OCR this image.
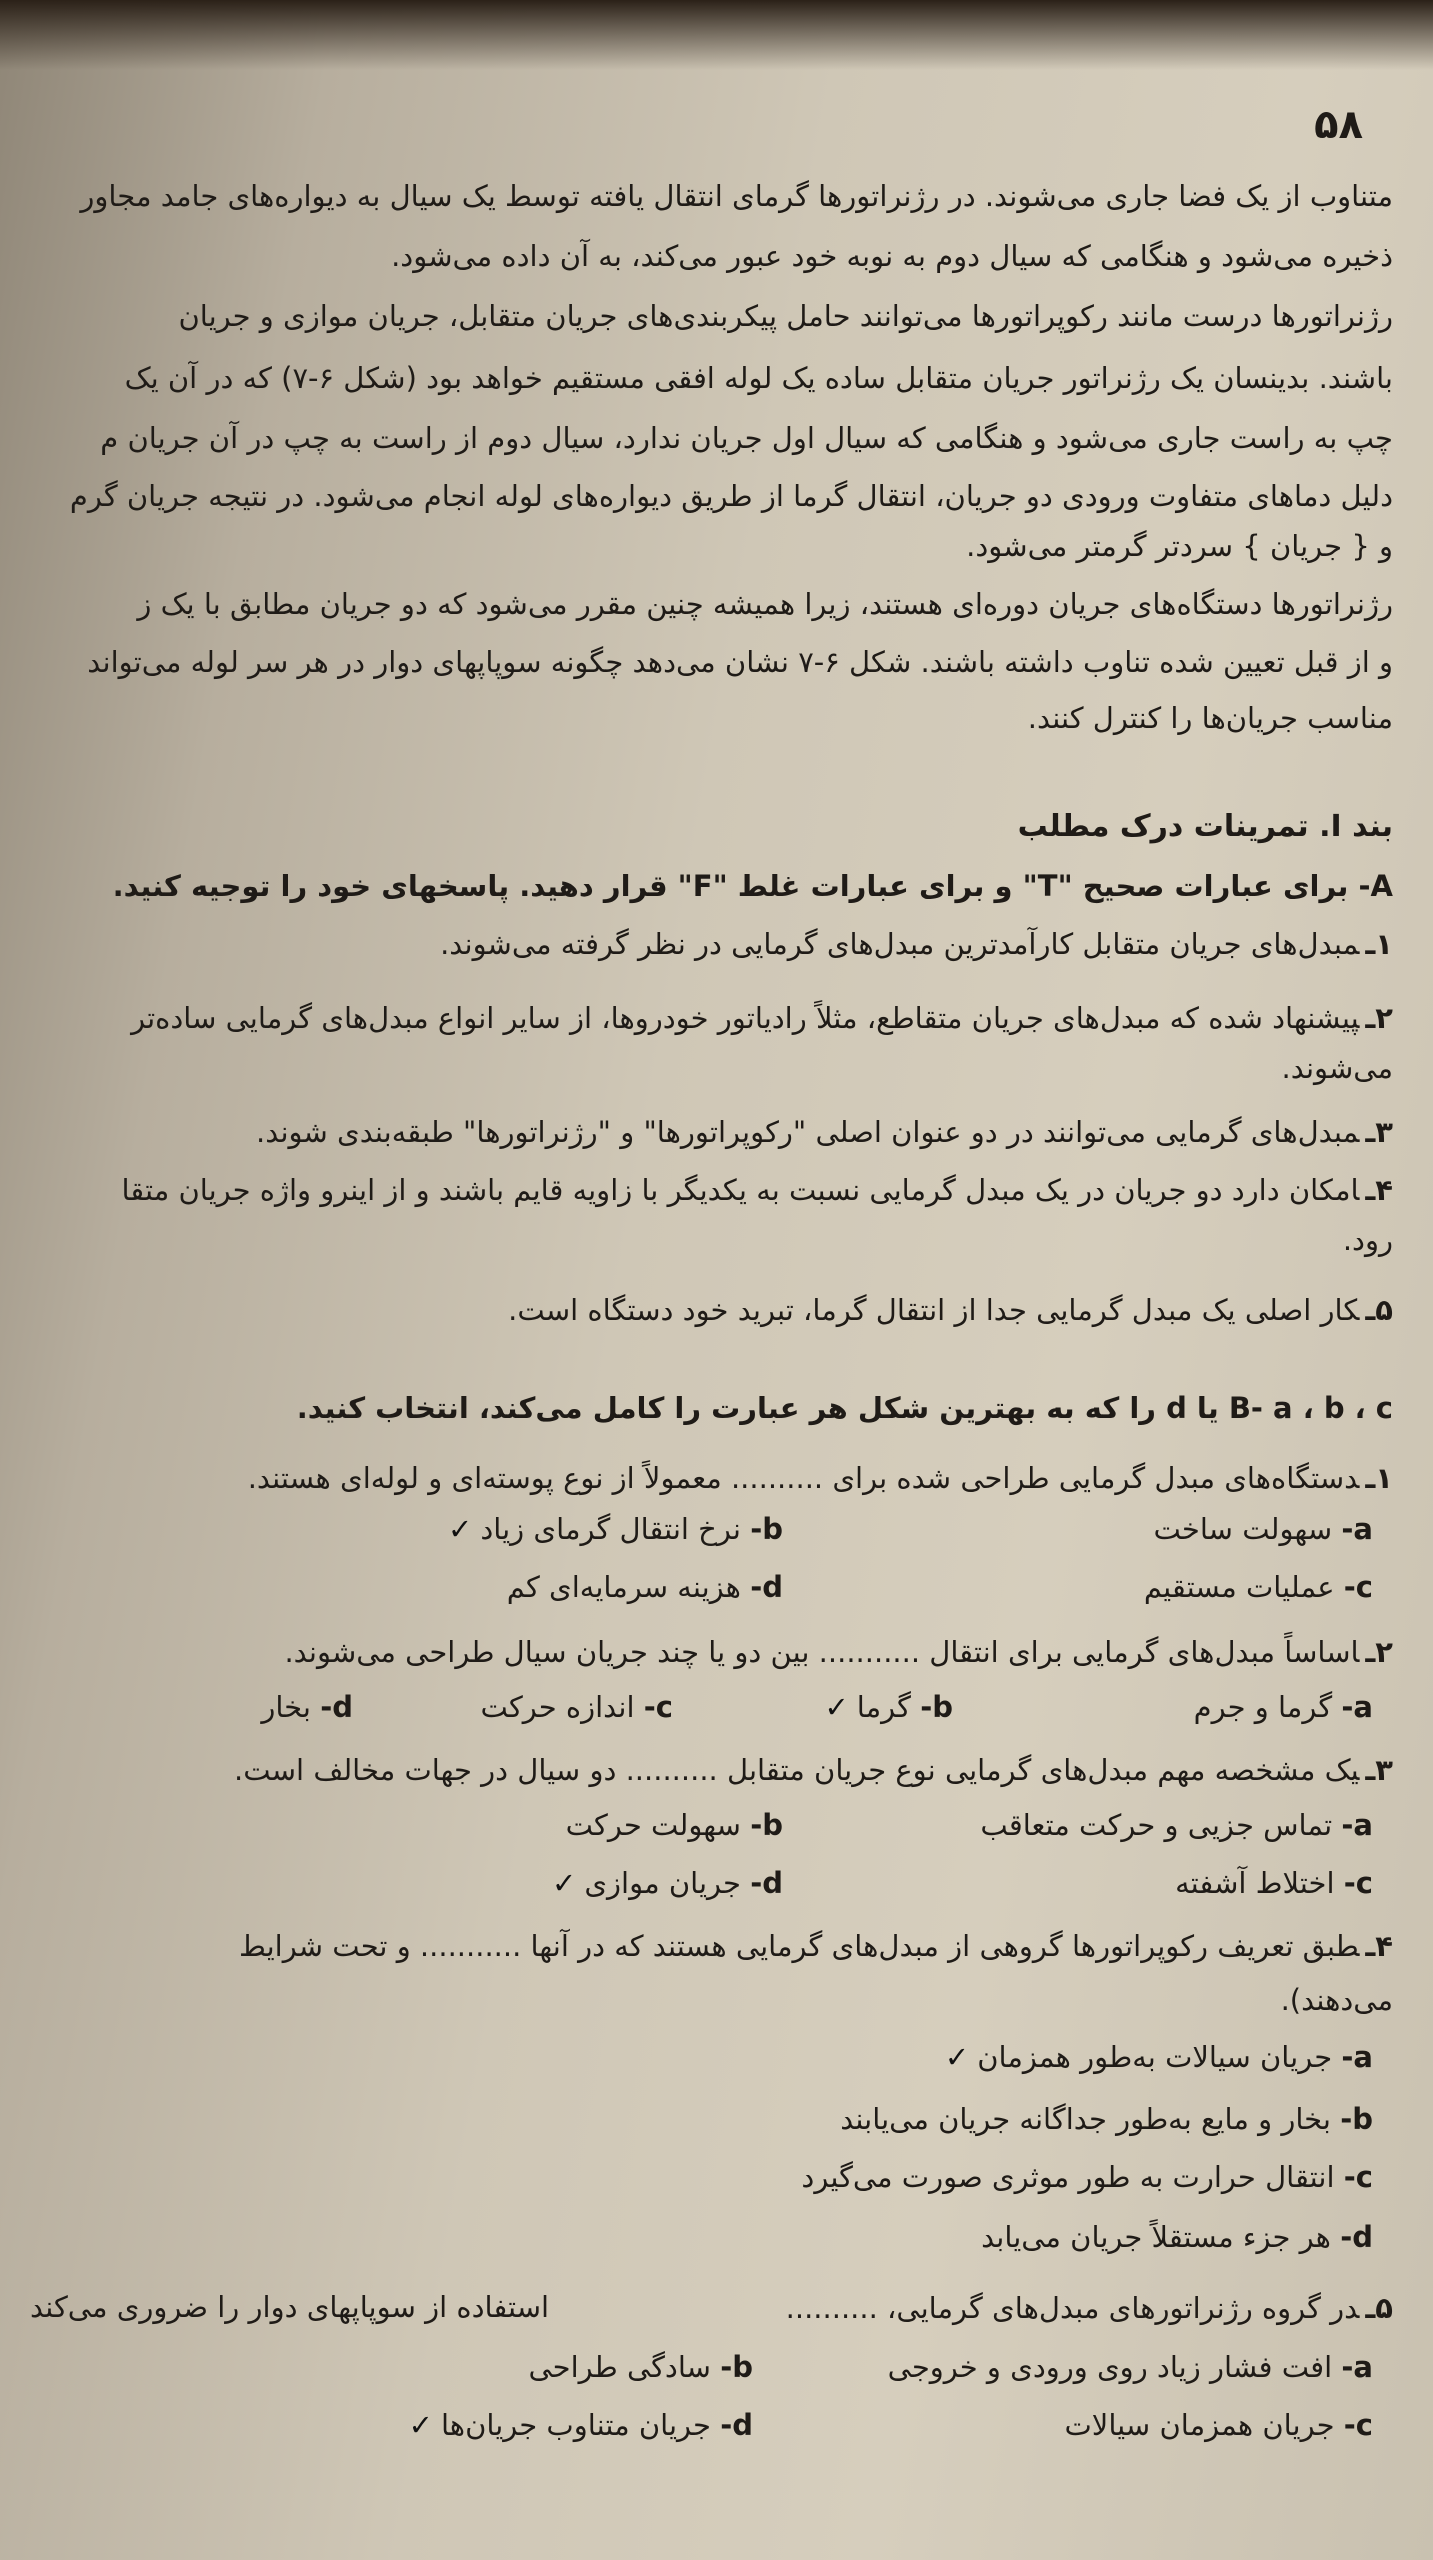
۵۸
متناوب از یک فضا جاری می‌شوند. در رژنراتورها گرمای انتقال یافته توسط یک سیال به دیواره‌های جامد مجاور
ذخیره می‌شود و هنگامی که سیال دوم به نوبه خود عبور می‌کند، به آن داده می‌شود.
رژنراتورها درست مانند رکوپراتورها می‌توانند حامل پیکربندی‌های جریان متقابل، جریان موازی و جریان
باشند. بدینسان یک رژنراتور جریان متقابل ساده یک لوله افقی مستقیم خواهد بود (شکل ۶-۷) که در آن یک
چپ به راست جاری می‌شود و هنگامی که سیال اول جریان ندارد، سیال دوم از راست به چپ در آن جریان م
دلیل دماهای متفاوت ورودی دو جریان، انتقال گرما از طریق دیواره‌های لوله انجام می‌شود. در نتیجه جریان گرم
و { جریان } سردتر گرمتر می‌شود.
رژنراتورها دستگاه‌های جریان دوره‌ای هستند، زیرا همیشه چنین مقرر می‌شود که دو جریان مطابق با یک ز
و از قبل تعیین شده تناوب داشته باشند. شکل ۶-۷ نشان می‌دهد چگونه سوپاپهای دوار در هر سر لوله می‌تواند
مناسب جریان‌ها را کنترل کنند.
بند I. تمرینات درک مطلب
A- برای عبارات صحیح "T" و برای عبارات غلط "F" قرار دهید. پاسخهای خود را توجیه کنید.
۱ـمبدل‌های جریان متقابل کارآمدترین مبدل‌های گرمایی در نظر گرفته می‌شوند.
۲ـپیشنهاد شده که مبدل‌های جریان متقاطع، مثلاً رادیاتور خودروها، از سایر انواع مبدل‌های گرمایی ساده‌تر
می‌شوند.
۳ـمبدل‌های گرمایی می‌توانند در دو عنوان اصلی "رکوپراتورها" و "رژنراتورها" طبقه‌بندی شوند.
۴ـامکان دارد دو جریان در یک مبدل گرمایی نسبت به یکدیگر با زاویه قایم باشند و از اینرو واژه جریان متقا
رود.
۵ـکار اصلی یک مبدل گرمایی جدا از انتقال گرما، تبرید خود دستگاه است.
B- a ، b ، c یا d را که به بهترین شکل هر عبارت را کامل می‌کند، انتخاب کنید.
۱ـدستگاه‌های مبدل گرمایی طراحی شده برای .......... معمولاً از نوع پوسته‌ای و لوله‌ای هستند.
a- سهولت ساخت
b- نرخ انتقال گرمای زیاد✓
c- عملیات مستقیم
d- هزینه سرمایه‌ای کم
۲ـاساساً مبدل‌های گرمایی برای انتقال ........... بین دو یا چند جریان سیال طراحی می‌شوند.
a- گرما و جرم
b- گرما✓
c- اندازه حرکت
d- بخار
۳ـیک مشخصه مهم مبدل‌های گرمایی نوع جریان متقابل .......... دو سیال در جهات مخالف است.
a- تماس جزیی و حرکت متعاقب
b- سهولت حرکت
c- اختلاط آشفته
d- جریان موازی✓
۴ـطبق تعریف رکوپراتورها گروهی از مبدل‌های گرمایی هستند که در آنها ........... و تحت شرایط
می‌دهند).
a- جریان سیالات به‌طور همزمان✓
b- بخار و مایع به‌طور جداگانه جریان می‌یابند
c- انتقال حرارت به طور موثری صورت می‌گیرد
d- هر جزء مستقلاً جریان می‌یابد
۵ـدر گروه رژنراتورهای مبدل‌های گرمایی، ..........
استفاده از سوپاپهای دوار را ضروری می‌کند
a- افت فشار زیاد روی ورودی و خروجی
b- سادگی طراحی
c- جریان همزمان سیالات
d- جریان متناوب جریان‌ها✓
